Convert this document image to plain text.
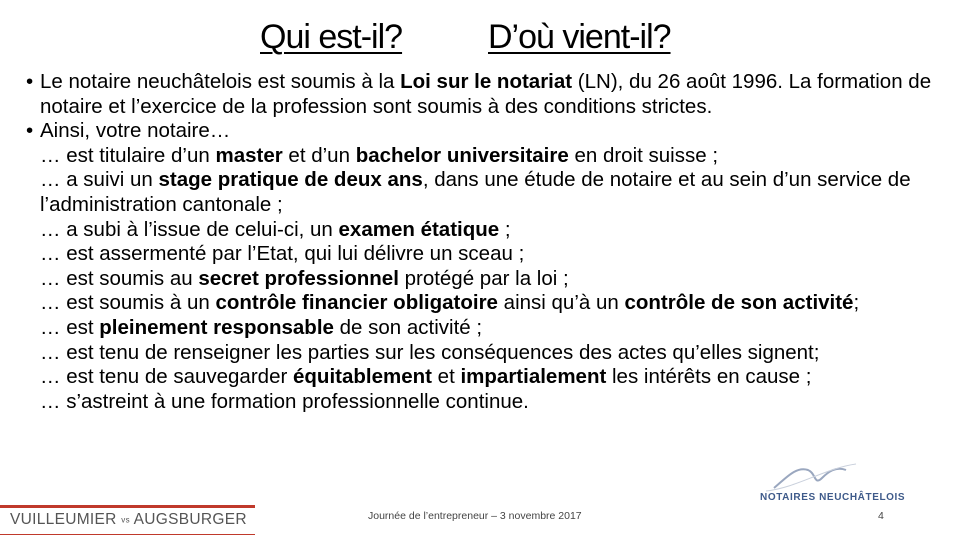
Qui est-il?	D’où vient-il?
• Le notaire neuchâtelois est soumis à la Loi sur le notariat (LN), du 26 août 1996. La formation de notaire et l’exercice de la profession sont soumis à des conditions strictes.
• Ainsi, votre notaire…
… est titulaire d’un master et d’un bachelor universitaire en droit suisse ;
… a suivi un stage pratique de deux ans, dans une étude de notaire et au sein d’un service de l’administration cantonale ;
… a subi à l’issue de celui-ci, un examen étatique ;
… est assermenté par l’Etat, qui lui délivre un sceau ;
… est soumis au secret professionnel protégé par la loi ;
… est soumis à un contrôle financier obligatoire ainsi qu’à un contrôle de son activité;
… est pleinement responsable de son activité ;
… est tenu de renseigner les parties sur les conséquences des actes qu’elles signent;
… est tenu de sauvegarder équitablement et impartialement les intérêts en cause ;
… s’astreint à une formation professionnelle continue.
VUILLEUMIER vs AUGSBURGER	Journée de l’entrepreneur – 3 novembre 2017
NOTAIRES NEUCHÂTELOIS
4
